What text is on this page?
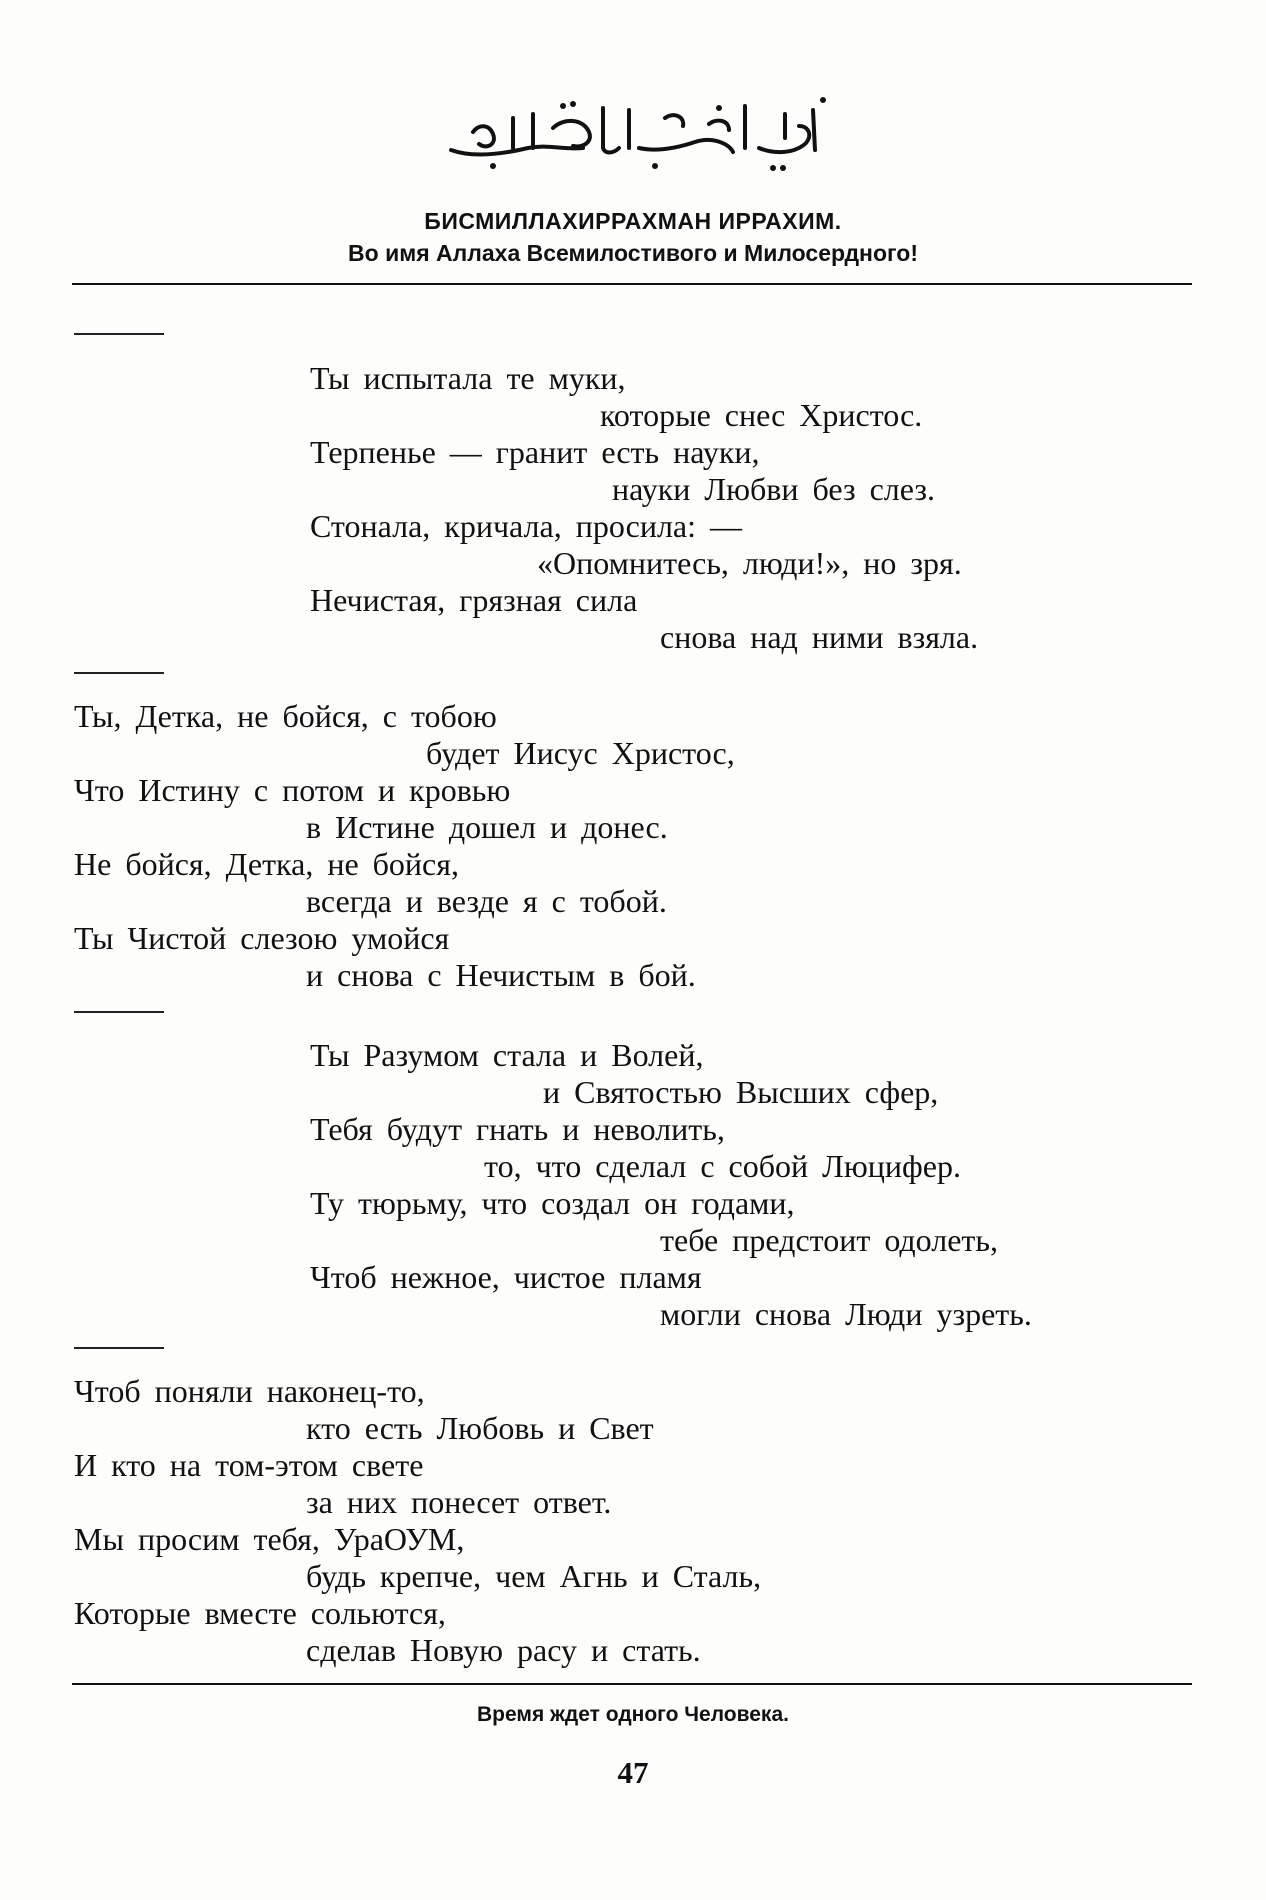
БИСМИЛЛАХИРРАХМАН ИРРАХИМ.
Во имя Аллаха Всемилостивого и Милосердного!
Ты испытала те муки,
которые снес Христос.
Терпенье — гранит есть науки,
науки Любви без слез.
Стонала, кричала, просила: —
«Опомнитесь, люди!», но зря.
Нечистая, грязная сила
снова над ними взяла.
Ты, Детка, не бойся, с тобою
будет Иисус Христос,
Что Истину с потом и кровью
в Истине дошел и донес.
Не бойся, Детка, не бойся,
всегда и везде я с тобой.
Ты Чистой слезою умойся
и снова с Нечистым в бой.
Ты Разумом стала и Волей,
и Святостью Высших сфер,
Тебя будут гнать и неволить,
то, что сделал с собой Люцифер.
Ту тюрьму, что создал он годами,
тебе предстоит одолеть,
Чтоб нежное, чистое пламя
могли снова Люди узреть.
Чтоб поняли наконец-то,
кто есть Любовь и Свет
И кто на том-этом свете
за них понесет ответ.
Мы просим тебя, УраОУМ,
будь крепче, чем Агнь и Сталь,
Которые вместе сольются,
сделав Новую расу и стать.
Время ждет одного Человека.
47
